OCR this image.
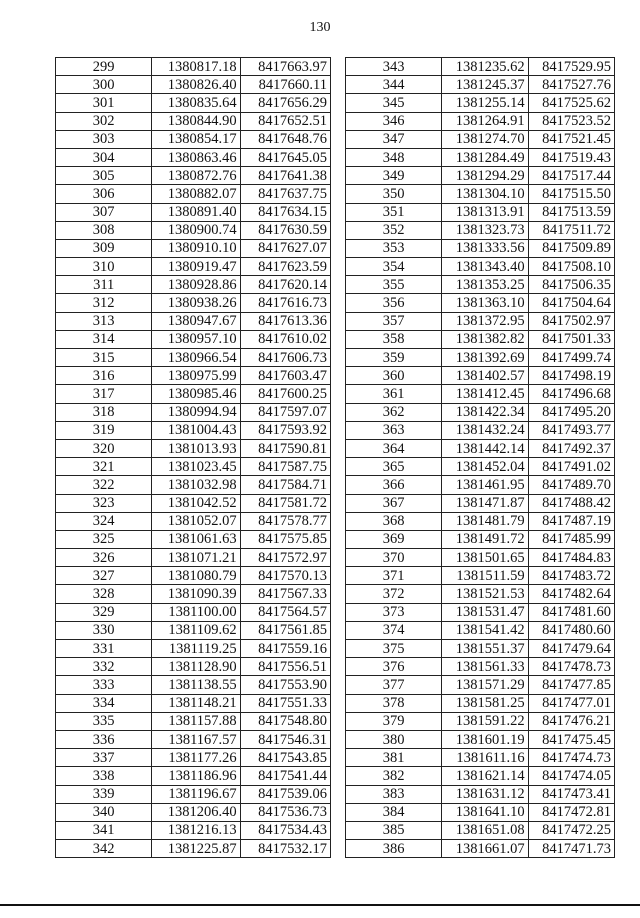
130
299	1380817.18	8417663.97
300	1380826.40	8417660.11
301	1380835.64	8417656.29
302	1380844.90	8417652.51
303	1380854.17	8417648.76
304	1380863.46	8417645.05
305	1380872.76	8417641.38
306	1380882.07	8417637.75
307	1380891.40	8417634.15
308	1380900.74	8417630.59
309	1380910.10	8417627.07
310	1380919.47	8417623.59
311	1380928.86	8417620.14
312	1380938.26	8417616.73
313	1380947.67	8417613.36
314	1380957.10	8417610.02
315	1380966.54	8417606.73
316	1380975.99	8417603.47
317	1380985.46	8417600.25
318	1380994.94	8417597.07
319	1381004.43	8417593.92
320	1381013.93	8417590.81
321	1381023.45	8417587.75
322	1381032.98	8417584.71
323	1381042.52	8417581.72
324	1381052.07	8417578.77
325	1381061.63	8417575.85
326	1381071.21	8417572.97
327	1381080.79	8417570.13
328	1381090.39	8417567.33
329	1381100.00	8417564.57
330	1381109.62	8417561.85
331	1381119.25	8417559.16
332	1381128.90	8417556.51
333	1381138.55	8417553.90
334	1381148.21	8417551.33
335	1381157.88	8417548.80
336	1381167.57	8417546.31
337	1381177.26	8417543.85
338	1381186.96	8417541.44
339	1381196.67	8417539.06
340	1381206.40	8417536.73
341	1381216.13	8417534.43
342	1381225.87	8417532.17
343	1381235.62	8417529.95
344	1381245.37	8417527.76
345	1381255.14	8417525.62
346	1381264.91	8417523.52
347	1381274.70	8417521.45
348	1381284.49	8417519.43
349	1381294.29	8417517.44
350	1381304.10	8417515.50
351	1381313.91	8417513.59
352	1381323.73	8417511.72
353	1381333.56	8417509.89
354	1381343.40	8417508.10
355	1381353.25	8417506.35
356	1381363.10	8417504.64
357	1381372.95	8417502.97
358	1381382.82	8417501.33
359	1381392.69	8417499.74
360	1381402.57	8417498.19
361	1381412.45	8417496.68
362	1381422.34	8417495.20
363	1381432.24	8417493.77
364	1381442.14	8417492.37
365	1381452.04	8417491.02
366	1381461.95	8417489.70
367	1381471.87	8417488.42
368	1381481.79	8417487.19
369	1381491.72	8417485.99
370	1381501.65	8417484.83
371	1381511.59	8417483.72
372	1381521.53	8417482.64
373	1381531.47	8417481.60
374	1381541.42	8417480.60
375	1381551.37	8417479.64
376	1381561.33	8417478.73
377	1381571.29	8417477.85
378	1381581.25	8417477.01
379	1381591.22	8417476.21
380	1381601.19	8417475.45
381	1381611.16	8417474.73
382	1381621.14	8417474.05
383	1381631.12	8417473.41
384	1381641.10	8417472.81
385	1381651.08	8417472.25
386	1381661.07	8417471.73
